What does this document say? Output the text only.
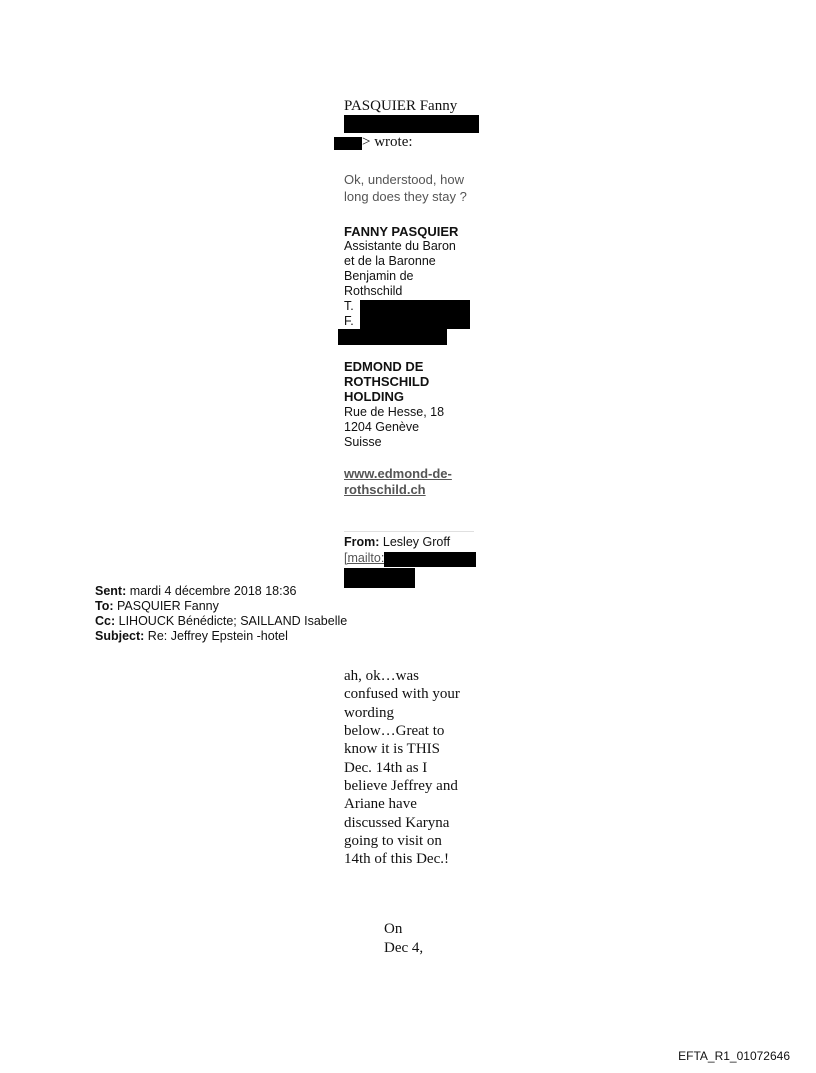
PASQUIER Fanny
> wrote:
Ok, understood, how
long does they stay ?
FANNY PASQUIER
Assistante du Baron
et de la Baronne
Benjamin de
Rothschild
T.
F.
EDMOND DE
ROTHSCHILD
HOLDING
Rue de Hesse, 18
1204 Genève
Suisse
www.edmond-de-
rothschild.ch
From: Lesley Groff
[mailto:
Sent: mardi 4 décembre 2018 18:36
To: PASQUIER Fanny
Cc: LIHOUCK Bénédicte; SAILLAND Isabelle
Subject: Re: Jeffrey Epstein -hotel
ah, ok…was
confused with your
wording
below…Great to
know it is THIS
Dec. 14th as I
believe Jeffrey and
Ariane have
discussed Karyna
going to visit on
14th of this Dec.!
On
Dec 4,
EFTA_R1_01072646
